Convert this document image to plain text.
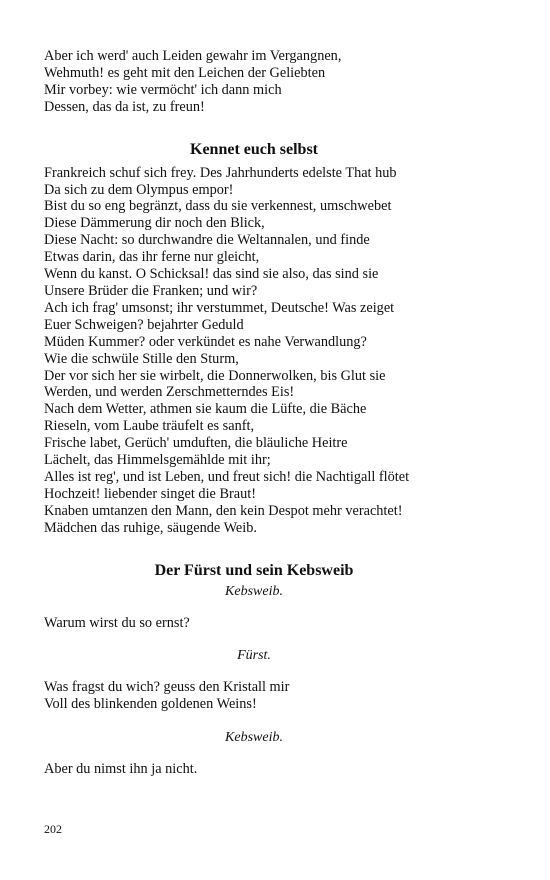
Aber ich werd' auch Leiden gewahr im Vergangnen,
Wehmuth! es geht mit den Leichen der Geliebten
Mir vorbey: wie vermöcht' ich dann mich
Dessen, das da ist, zu freun!
Kennet euch selbst
Frankreich schuf sich frey. Des Jahrhunderts edelste That hub
Da sich zu dem Olympus empor!
Bist du so eng begränzt, dass du sie verkennest, umschwebet
Diese Dämmerung dir noch den Blick,
Diese Nacht: so durchwandre die Weltannalen, und finde
Etwas darin, das ihr ferne nur gleicht,
Wenn du kanst. O Schicksal! das sind sie also, das sind sie
Unsere Brüder die Franken; und wir?
Ach ich frag' umsonst; ihr verstummet, Deutsche! Was zeiget
Euer Schweigen? bejahrter Geduld
Müden Kummer? oder verkündet es nahe Verwandlung?
Wie die schwüle Stille den Sturm,
Der vor sich her sie wirbelt, die Donnerwolken, bis Glut sie
Werden, und werden Zerschmetterndes Eis!
Nach dem Wetter, athmen sie kaum die Lüfte, die Bäche
Rieseln, vom Laube träufelt es sanft,
Frische labet, Gerüch' umduften, die bläuliche Heitre
Lächelt, das Himmelsgemählde mit ihr;
Alles ist reg', und ist Leben, und freut sich! die Nachtigall flötet
Hochzeit! liebender singet die Braut!
Knaben umtanzen den Mann, den kein Despot mehr verachtet!
Mädchen das ruhige, säugende Weib.
Der Fürst und sein Kebsweib
Kebsweib.
Warum wirst du so ernst?
Fürst.
Was fragst du wich? geuss den Kristall mir
Voll des blinkenden goldenen Weins!
Kebsweib.
Aber du nimst ihn ja nicht.
202
